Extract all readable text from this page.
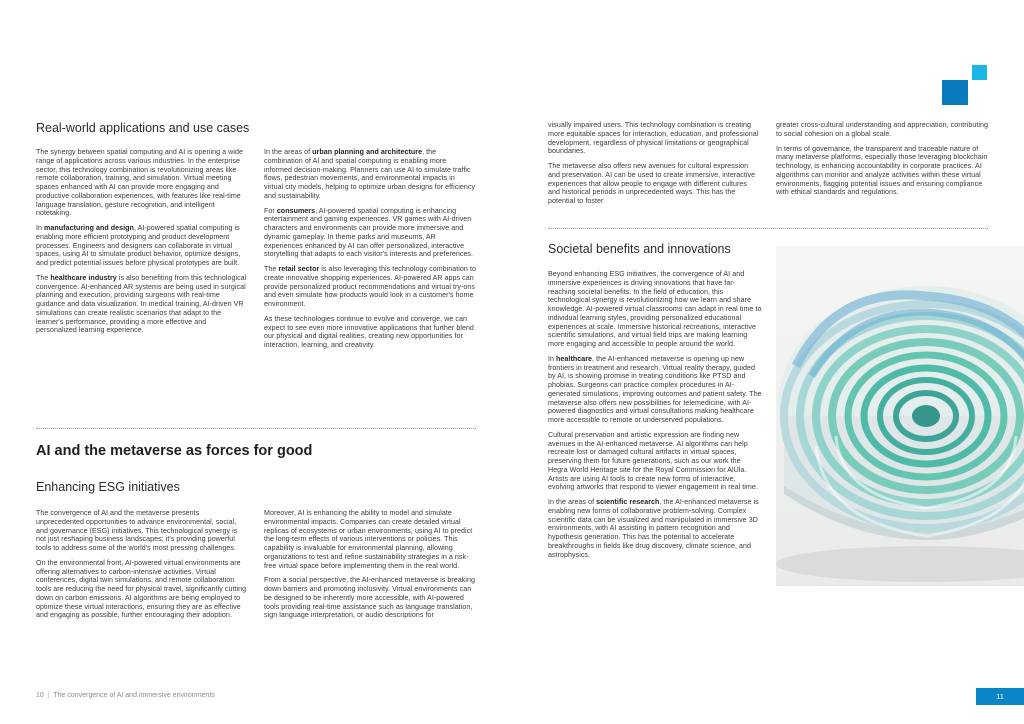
Real-world applications and use cases

The synergy between spatial computing and AI is opening a wide range of applications across various industries. In the enterprise sector, this technology combination is revolutionizing areas like remote collaboration, training, and simulation. Virtual meeting spaces enhanced with AI can provide more engaging and productive collaboration experiences, with features like real-time language translation, gesture recognition, and intelligent notetaking.

In manufacturing and design, AI-powered spatial computing is enabling more efficient prototyping and product development processes. Engineers and designers can collaborate in virtual spaces, using AI to simulate product behavior, optimize designs, and predict potential issues before physical prototypes are built.

The healthcare industry is also benefiting from this technological convergence. AI-enhanced AR systems are being used in surgical planning and execution, providing surgeons with real-time guidance and data visualization. In medical training, AI-driven VR simulations can create realistic scenarios that adapt to the learner's performance, providing a more effective and personalized learning experience.

In the areas of urban planning and architecture, the combination of AI and spatial computing is enabling more informed decision-making. Planners can use AI to simulate traffic flows, pedestrian movements, and environmental impacts in virtual city models, helping to optimize urban designs for efficiency and sustainability.

For consumers, AI-powered spatial computing is enhancing entertainment and gaming experiences. VR games with AI-driven characters and environments can provide more immersive and dynamic gameplay. In theme parks and museums, AR experiences enhanced by AI can offer personalized, interactive storytelling that adapts to each visitor's interests and preferences.

The retail sector is also leveraging this technology combination to create innovative shopping experiences. AI-powered AR apps can provide personalized product recommendations and virtual try-ons and even simulate how products would look in a customer's home environment.

As these technologies continue to evolve and converge, we can expect to see even more innovative applications that further blend our physical and digital realities, creating new opportunities for interaction, learning, and creativity.

AI and the metaverse as forces for good
Enhancing ESG initiatives

The convergence of AI and the metaverse presents unprecedented opportunities to advance environmental, social, and governance (ESG) initiatives. This technological synergy is not just reshaping business landscapes; it's providing powerful tools to address some of the world's most pressing challenges.

On the environmental front, AI-powered virtual environments are offering alternatives to carbon-intensive activities. Virtual conferences, digital twin simulations, and remote collaboration tools are reducing the need for physical travel, significantly cutting down on carbon emissions. AI algorithms are being employed to optimize these virtual interactions, ensuring they are as effective and engaging as possible, further encouraging their adoption.

Moreover, AI is enhancing the ability to model and simulate environmental impacts. Companies can create detailed virtual replicas of ecosystems or urban environments, using AI to predict the long-term effects of various interventions or policies. This capability is invaluable for environmental planning, allowing organizations to test and refine sustainability strategies in a risk-free virtual space before implementing them in the real world.

From a social perspective, the AI-enhanced metaverse is breaking down barriers and promoting inclusivity. Virtual environments can be designed to be inherently more accessible, with AI-powered tools providing real-time assistance such as language translation, sign language interpretation, or audio descriptions for

10  |  The convergence of AI and immersive environments

visually impaired users. This technology combination is creating more equitable spaces for interaction, education, and professional development, regardless of physical limitations or geographical boundaries.

The metaverse also offers new avenues for cultural expression and preservation. AI can be used to create immersive, interactive experiences that allow people to engage with different cultures and historical periods in unprecedented ways. This has the potential to foster

greater cross-cultural understanding and appreciation, contributing to social cohesion on a global scale.

In terms of governance, the transparent and traceable nature of many metaverse platforms, especially those leveraging blockchain technology, is enhancing accountability in corporate practices. AI algorithms can monitor and analyze activities within these virtual environments, flagging potential issues and ensuring compliance with ethical standards and regulations.

Societal benefits and innovations

Beyond enhancing ESG initiatives, the convergence of AI and immersive experiences is driving innovations that have far-reaching societal benefits. In the field of education, this technological synergy is revolutionizing how we learn and share knowledge. AI-powered virtual classrooms can adapt in real time to individual learning styles, providing personalized educational experiences at scale. Immersive historical recreations, interactive scientific simulations, and virtual field trips are making learning more engaging and accessible to people around the world.

In healthcare, the AI-enhanced metaverse is opening up new frontiers in treatment and research. Virtual reality therapy, guided by AI, is showing promise in treating conditions like PTSD and phobias. Surgeons can practice complex procedures in AI-generated simulations, improving outcomes and patient safety. The metaverse also offers new possibilities for telemedicine, with AI-powered diagnostics and virtual consultations making healthcare more accessible to remote or underserved populations.

Cultural preservation and artistic expression are finding new avenues in the AI-enhanced metaverse. AI algorithms can help recreate lost or damaged cultural artifacts in virtual spaces, preserving them for future generations, such as our work the Hegra World Heritage site for the Royal Commission for AlUla. Artists are using AI tools to create new forms of interactive, evolving artworks that respond to viewer engagement in real time.

In the areas of scientific research, the AI-enhanced metaverse is enabling new forms of collaborative problem-solving. Complex scientific data can be visualized and manipulated in immersive 3D environments, with AI assisting in pattern recognition and hypothesis generation. This has the potential to accelerate breakthroughs in fields like drug discovery, climate science, and astrophysics.

11
